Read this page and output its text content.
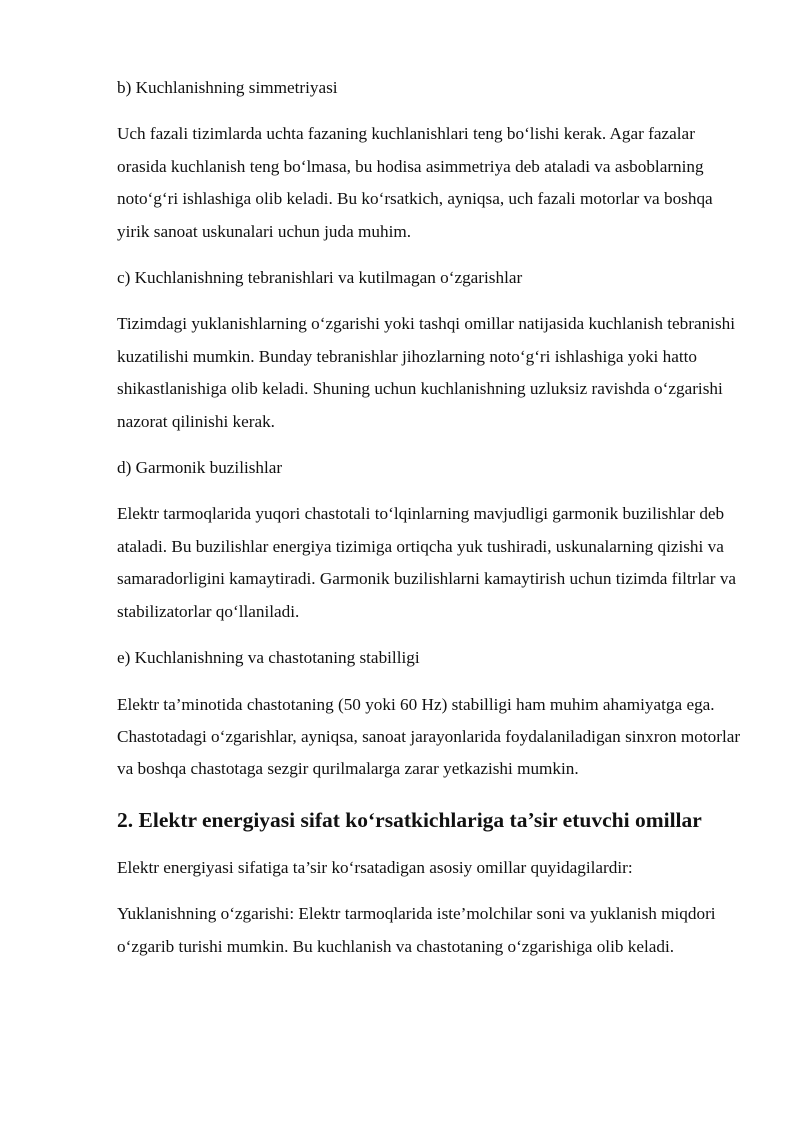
b) Kuchlanishning simmetriyasi
Uch fazali tizimlarda uchta fazaning kuchlanishlari teng boʻlishi kerak. Agar fazalar orasida kuchlanish teng boʻlmasa, bu hodisa asimmetriya deb ataladi va asboblarning notoʻgʻri ishlashiga olib keladi. Bu koʻrsatkich, ayniqsa, uch fazali motorlar va boshqa yirik sanoat uskunalari uchun juda muhim.
c) Kuchlanishning tebranishlari va kutilmagan oʻzgarishlar
Tizimdagi yuklanishlarning oʻzgarishi yoki tashqi omillar natijasida kuchlanish tebranishi kuzatilishi mumkin. Bunday tebranishlar jihozlarning notoʻgʻri ishlashiga yoki hatto shikastlanishiga olib keladi. Shuning uchun kuchlanishning uzluksiz ravishda oʻzgarishi nazorat qilinishi kerak.
d) Garmonik buzilishlar
Elektr tarmoqlarida yuqori chastotali toʻlqinlarning mavjudligi garmonik buzilishlar deb ataladi. Bu buzilishlar energiya tizimiga ortiqcha yuk tushiradi, uskunalarning qizishi va samaradorligini kamaytiradi. Garmonik buzilishlarni kamaytirish uchun tizimda filtrlar va stabilizatorlar qoʻllaniladi.
e) Kuchlanishning va chastotaning stabilligi
Elektr ta’minotida chastotaning (50 yoki 60 Hz) stabilligi ham muhim ahamiyatga ega. Chastotadagi oʻzgarishlar, ayniqsa, sanoat jarayonlarida foydalaniladigan sinxron motorlar va boshqa chastotaga sezgir qurilmalarga zarar yetkazishi mumkin.
2. Elektr energiyasi sifat koʻrsatkichlariga ta’sir etuvchi omillar
Elektr energiyasi sifatiga ta’sir koʻrsatadigan asosiy omillar quyidagilardir:
Yuklanishning oʻzgarishi: Elektr tarmoqlarida iste’molchilar soni va yuklanish miqdori oʻzgarib turishi mumkin. Bu kuchlanish va chastotaning oʻzgarishiga olib keladi.
